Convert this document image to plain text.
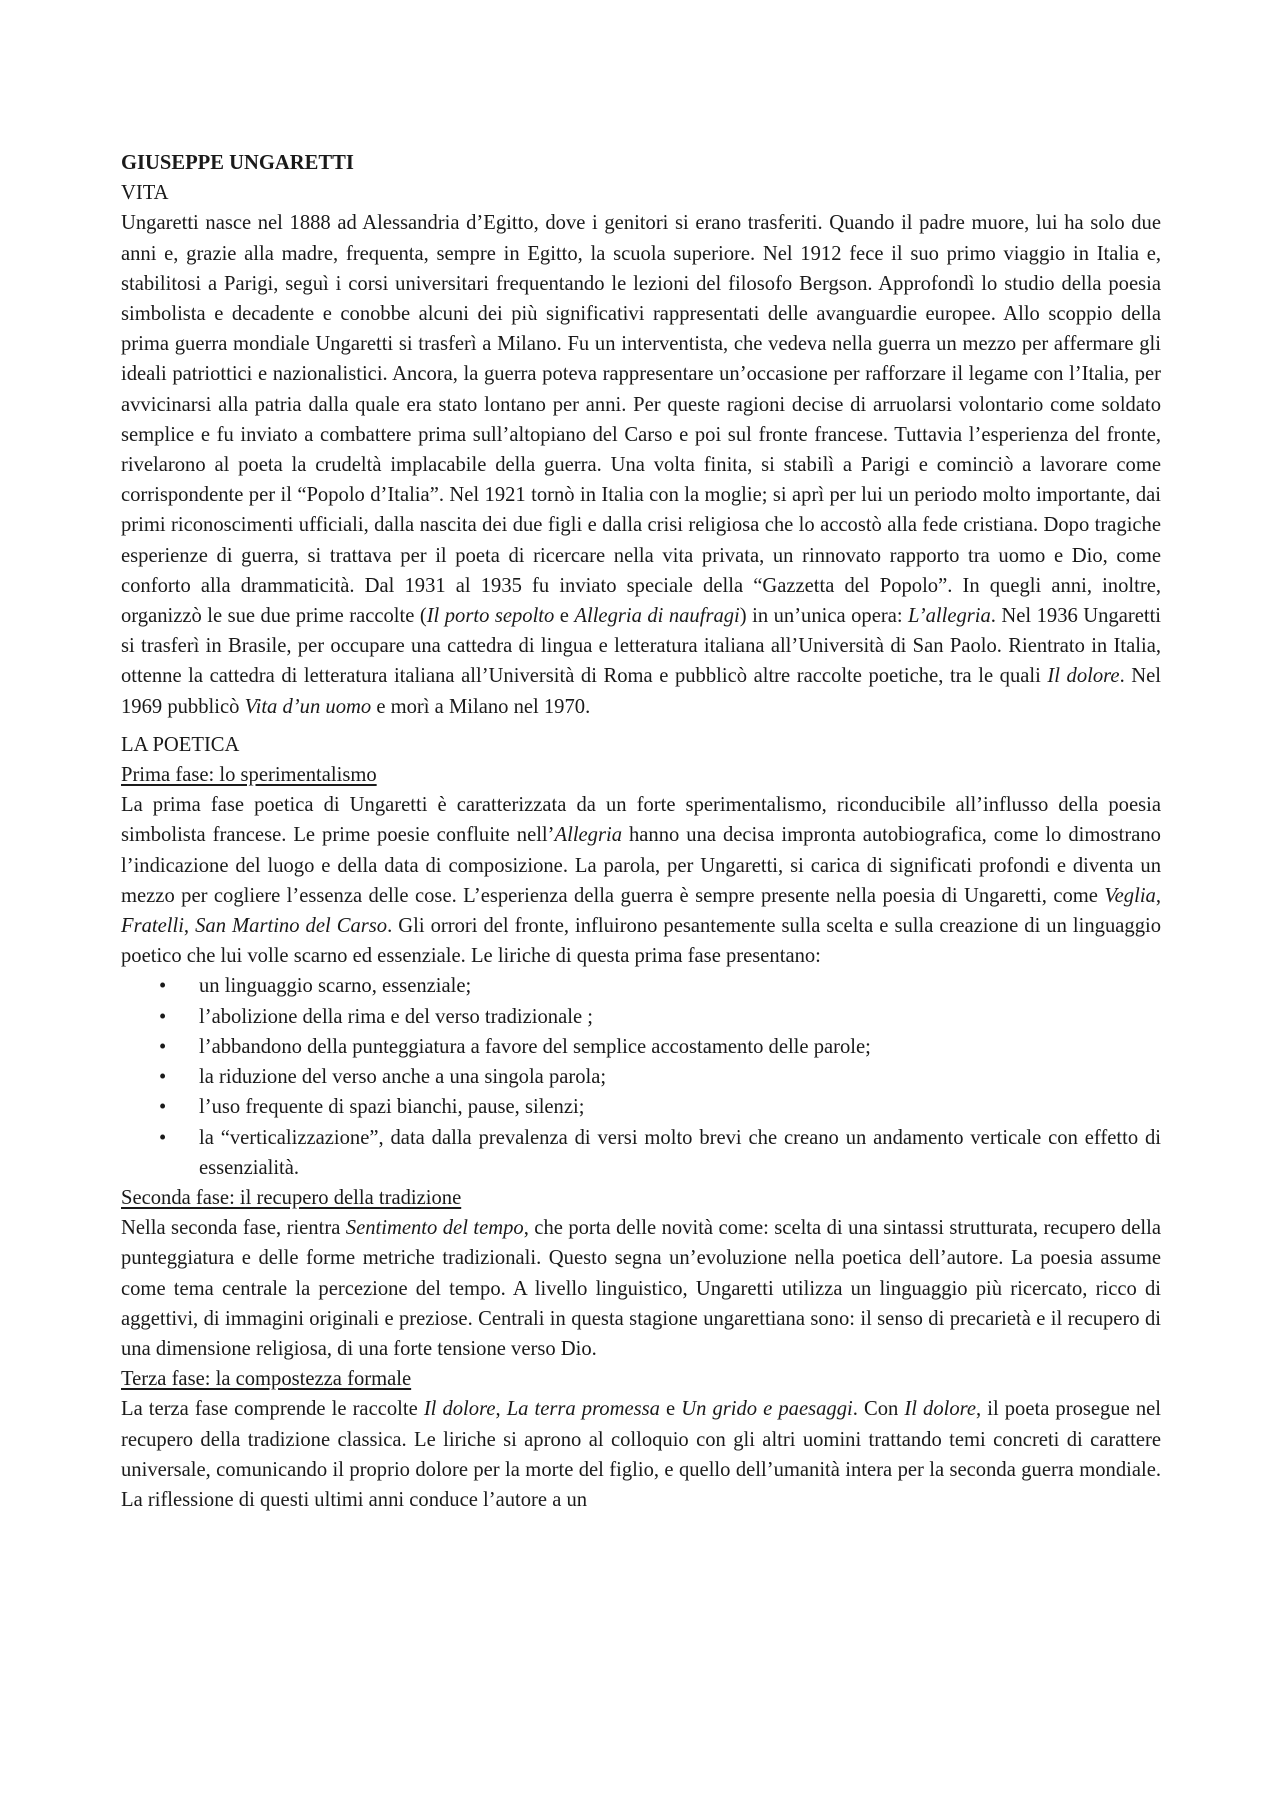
GIUSEPPE UNGARETTI

VITA

Ungaretti nasce nel 1888 ad Alessandria d’Egitto, dove i genitori si erano trasferiti. Quando il padre muore, lui ha solo due anni e, grazie alla madre, frequenta, sempre in Egitto, la scuola superiore. Nel 1912 fece il suo primo viaggio in Italia e, stabilitosi a Parigi, seguì i corsi universitari frequentando le lezioni del filosofo Bergson. Approfondì lo studio della poesia simbolista e decadente e conobbe alcuni dei più significativi rappresentati delle avanguardie europee. Allo scoppio della prima guerra mondiale Ungaretti si trasferì a Milano. Fu un interventista, che vedeva nella guerra un mezzo per affermare gli ideali patriottici e nazionalistici. Ancora, la guerra poteva rappresentare un’occasione per rafforzare il legame con l’Italia, per avvicinarsi alla patria dalla quale era stato lontano per anni. Per queste ragioni decise di arruolarsi volontario come soldato semplice e fu inviato a combattere prima sull’altopiano del Carso e poi sul fronte francese. Tuttavia l’esperienza del fronte, rivelarono al poeta la crudeltà implacabile della guerra. Una volta finita, si stabilì a Parigi e cominciò a lavorare come corrispondente per il “Popolo d’Italia”. Nel 1921 tornò in Italia con la moglie; si aprì per lui un periodo molto importante, dai primi riconoscimenti ufficiali, dalla nascita dei due figli e dalla crisi religiosa che lo accostò alla fede cristiana. Dopo tragiche esperienze di guerra, si trattava per il poeta di ricercare nella vita privata, un rinnovato rapporto tra uomo e Dio, come conforto alla drammaticità. Dal 1931 al 1935 fu inviato speciale della “Gazzetta del Popolo”. In quegli anni, inoltre, organizzò le sue due prime raccolte (Il porto sepolto e Allegria di naufragi) in un’unica opera: L’allegria. Nel 1936 Ungaretti si trasferì in Brasile, per occupare una cattedra di lingua e letteratura italiana all’Università di San Paolo. Rientrato in Italia, ottenne la cattedra di letteratura italiana all’Università di Roma e pubblicò altre raccolte poetiche, tra le quali Il dolore. Nel 1969 pubblicò Vita d’un uomo e morì a Milano nel 1970.

LA POETICA

Prima fase: lo sperimentalismo

La prima fase poetica di Ungaretti è caratterizzata da un forte sperimentalismo, riconducibile all’influsso della poesia simbolista francese. Le prime poesie confluite nell’Allegria hanno una decisa impronta autobiografica, come lo dimostrano l’indicazione del luogo e della data di composizione. La parola, per Ungaretti, si carica di significati profondi e diventa un mezzo per cogliere l’essenza delle cose. L’esperienza della guerra è sempre presente nella poesia di Ungaretti, come Veglia, Fratelli, San Martino del Carso. Gli orrori del fronte, influirono pesantemente sulla scelta e sulla creazione di un linguaggio poetico che lui volle scarno ed essenziale. Le liriche di questa prima fase presentano:

• un linguaggio scarno, essenziale;
• l’abolizione della rima e del verso tradizionale ;
• l’abbandono della punteggiatura a favore del semplice accostamento delle parole;
• la riduzione del verso anche a una singola parola;
• l’uso frequente di spazi bianchi, pause, silenzi;
• la “verticalizzazione”, data dalla prevalenza di versi molto brevi che creano un andamento verticale con effetto di essenzialità.

Seconda fase: il recupero della tradizione

Nella seconda fase, rientra Sentimento del tempo, che porta delle novità come: scelta di una sintassi strutturata, recupero della punteggiatura e delle forme metriche tradizionali. Questo segna un’evoluzione nella poetica dell’autore. La poesia assume come tema centrale la percezione del tempo. A livello linguistico, Ungaretti utilizza un linguaggio più ricercato, ricco di aggettivi, di immagini originali e preziose. Centrali in questa stagione ungarettiana sono: il senso di precarietà e il recupero di una dimensione religiosa, di una forte tensione verso Dio.

Terza fase: la compostezza formale

La terza fase comprende le raccolte Il dolore, La terra promessa e Un grido e paesaggi. Con Il dolore, il poeta prosegue nel recupero della tradizione classica. Le liriche si aprono al colloquio con gli altri uomini trattando temi concreti di carattere universale, comunicando il proprio dolore per la morte del figlio, e quello dell’umanità intera per la seconda guerra mondiale. La riflessione di questi ultimi anni conduce l’autore a un
